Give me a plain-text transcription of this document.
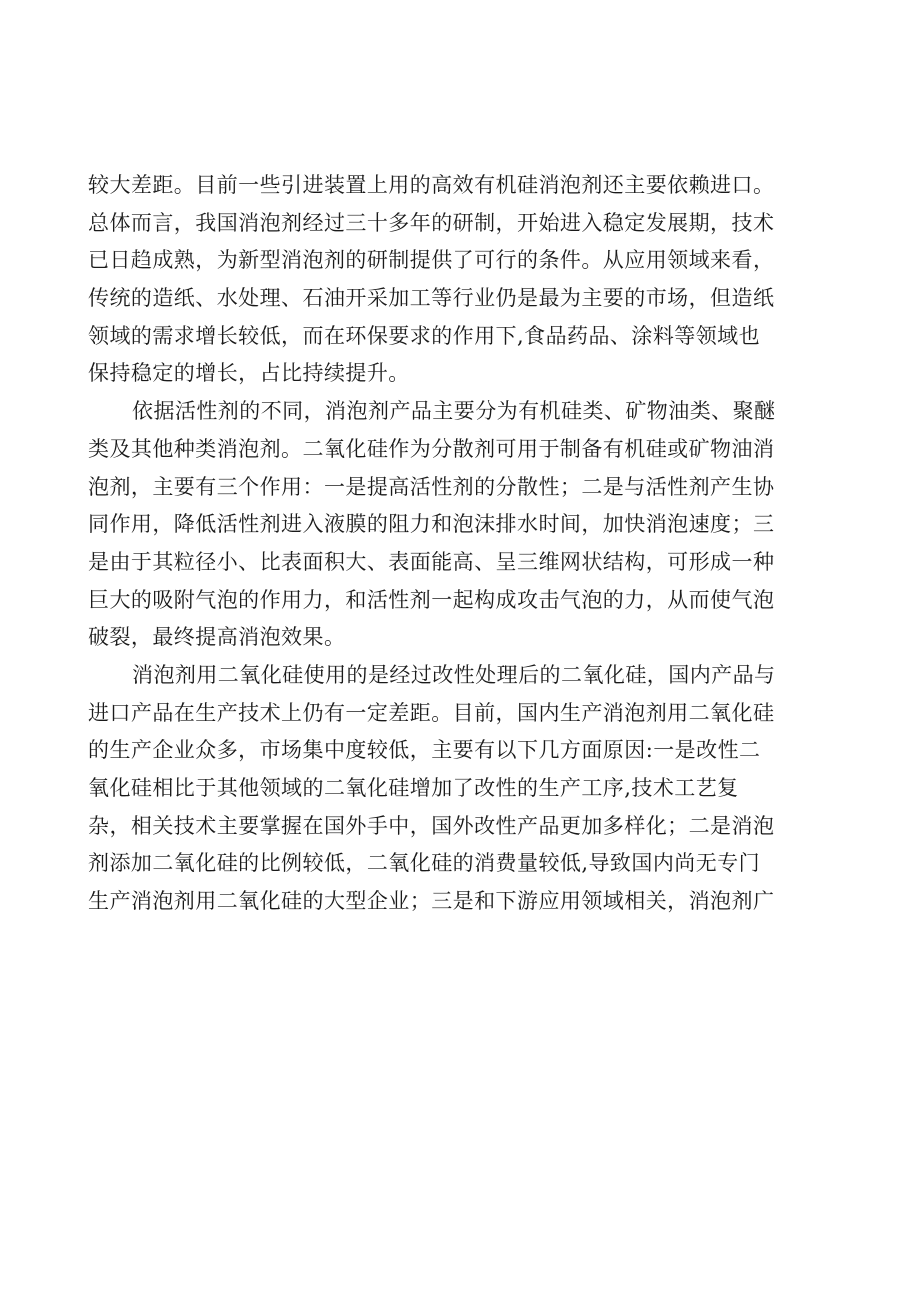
较大差距。目前一些引进装置上用的高效有机硅消泡剂还主要依赖进口。
总体而言，我国消泡剂经过三十多年的研制，开始进入稳定发展期，技术
已日趋成熟，为新型消泡剂的研制提供了可行的条件。从应用领域来看，
传统的造纸、水处理、石油开采加工等行业仍是最为主要的市场，但造纸
领域的需求增长较低，而在环保要求的作用下,食品药品、涂料等领域也
保持稳定的增长，占比持续提升。
依据活性剂的不同，消泡剂产品主要分为有机硅类、矿物油类、聚醚
类及其他种类消泡剂。二氧化硅作为分散剂可用于制备有机硅或矿物油消
泡剂，主要有三个作用：一是提高活性剂的分散性；二是与活性剂产生协
同作用，降低活性剂进入液膜的阻力和泡沫排水时间，加快消泡速度；三
是由于其粒径小、比表面积大、表面能高、呈三维网状结构，可形成一种
巨大的吸附气泡的作用力，和活性剂一起构成攻击气泡的力，从而使气泡
破裂，最终提高消泡效果。
消泡剂用二氧化硅使用的是经过改性处理后的二氧化硅，国内产品与
进口产品在生产技术上仍有一定差距。目前，国内生产消泡剂用二氧化硅
的生产企业众多，市场集中度较低，主要有以下几方面原因:一是改性二
氧化硅相比于其他领域的二氧化硅增加了改性的生产工序,技术工艺复
杂，相关技术主要掌握在国外手中，国外改性产品更加多样化；二是消泡
剂添加二氧化硅的比例较低，二氧化硅的消费量较低,导致国内尚无专门
生产消泡剂用二氧化硅的大型企业；三是和下游应用领域相关，消泡剂广
